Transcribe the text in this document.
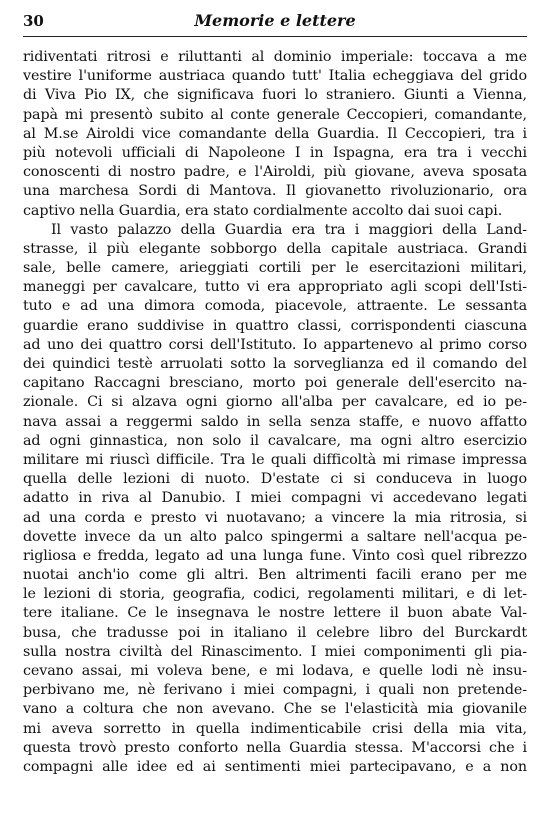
30	Memorie e lettere
ridiventati ritrosi e riluttanti al dominio imperiale: toccava a me
vestire l'uniforme austriaca quando tutt' Italia echeggiava del grido
di Viva Pio IX, che significava fuori lo straniero. Giunti a Vienna,
papà mi presentò subito al conte generale Ceccopieri, comandante,
al M.se Airoldi vice comandante della Guardia. Il Ceccopieri, tra i
più notevoli ufficiali di Napoleone I in Ispagna, era tra i vecchi
conoscenti di nostro padre, e l'Airoldi, più giovane, aveva sposata
una marchesa Sordi di Mantova. Il giovanetto rivoluzionario, ora
captivo nella Guardia, era stato cordialmente accolto dai suoi capi.
Il vasto palazzo della Guardia era tra i maggiori della Land-
strasse, il più elegante sobborgo della capitale austriaca. Grandi
sale, belle camere, arieggiati cortili per le esercitazioni militari,
maneggi per cavalcare, tutto vi era appropriato agli scopi dell'Isti-
tuto e ad una dimora comoda, piacevole, attraente. Le sessanta
guardie erano suddivise in quattro classi, corrispondenti ciascuna
ad uno dei quattro corsi dell'Istituto. Io appartenevo al primo corso
dei quindici testè arruolati sotto la sorveglianza ed il comando del
capitano Raccagni bresciano, morto poi generale dell'esercito na-
zionale. Ci si alzava ogni giorno all'alba per cavalcare, ed io pe-
nava assai a reggermi saldo in sella senza staffe, e nuovo affatto
ad ogni ginnastica, non solo il cavalcare, ma ogni altro esercizio
militare mi riuscì difficile. Tra le quali difficoltà mi rimase impressa
quella delle lezioni di nuoto. D'estate ci si conduceva in luogo
adatto in riva al Danubio. I miei compagni vi accedevano legati
ad una corda e presto vi nuotavano; a vincere la mia ritrosia, si
dovette invece da un alto palco spingermi a saltare nell'acqua pe-
rigliosa e fredda, legato ad una lunga fune. Vinto così quel ribrezzo
nuotai anch'io come gli altri. Ben altrimenti facili erano per me
le lezioni di storia, geografia, codici, regolamenti militari, e di let-
tere italiane. Ce le insegnava le nostre lettere il buon abate Val-
busa, che tradusse poi in italiano il celebre libro del Burckardt
sulla nostra civiltà del Rinascimento. I miei componimenti gli pia-
cevano assai, mi voleva bene, e mi lodava, e quelle lodi nè insu-
perbivano me, nè ferivano i miei compagni, i quali non pretende-
vano a coltura che non avevano. Che se l'elasticità mia giovanile
mi aveva sorretto in quella indimenticabile crisi della mia vita,
questa trovò presto conforto nella Guardia stessa. M'accorsi che i
compagni alle idee ed ai sentimenti miei partecipavano, e a non
